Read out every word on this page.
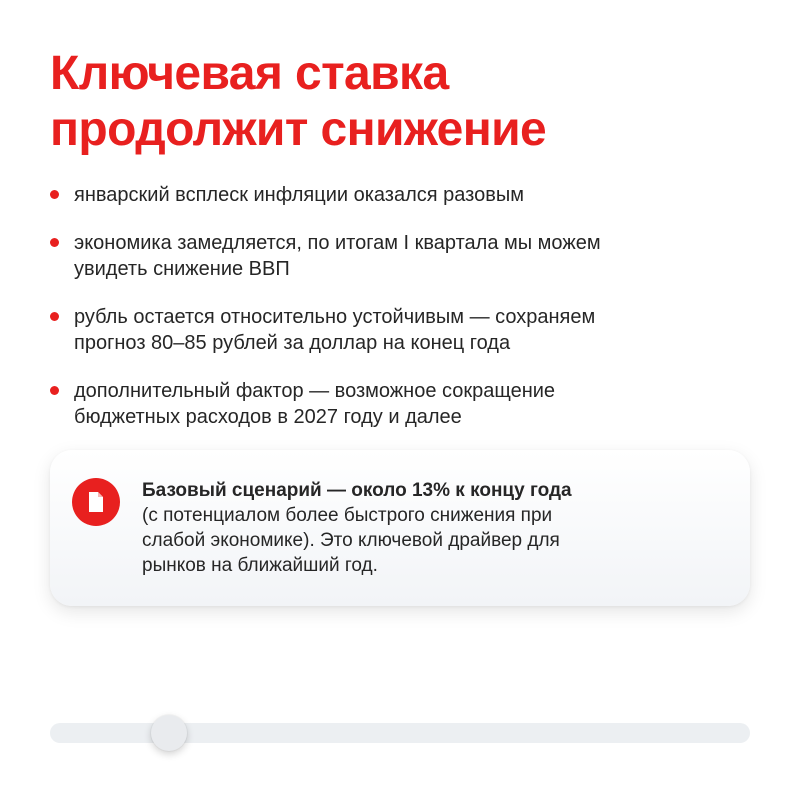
Ключевая ставка
продолжит снижение
январский всплеск инфляции оказался разовым
экономика замедляется, по итогам I квартала мы можем
увидеть снижение ВВП
рубль остается относительно устойчивым — сохраняем
прогноз 80–85 рублей за доллар на конец года
дополнительный фактор — возможное сокращение
бюджетных расходов в 2027 году и далее
Базовый сценарий — около 13% к концу года
(с потенциалом более быстрого снижения при
слабой экономике). Это ключевой драйвер для
рынков на ближайший год.
